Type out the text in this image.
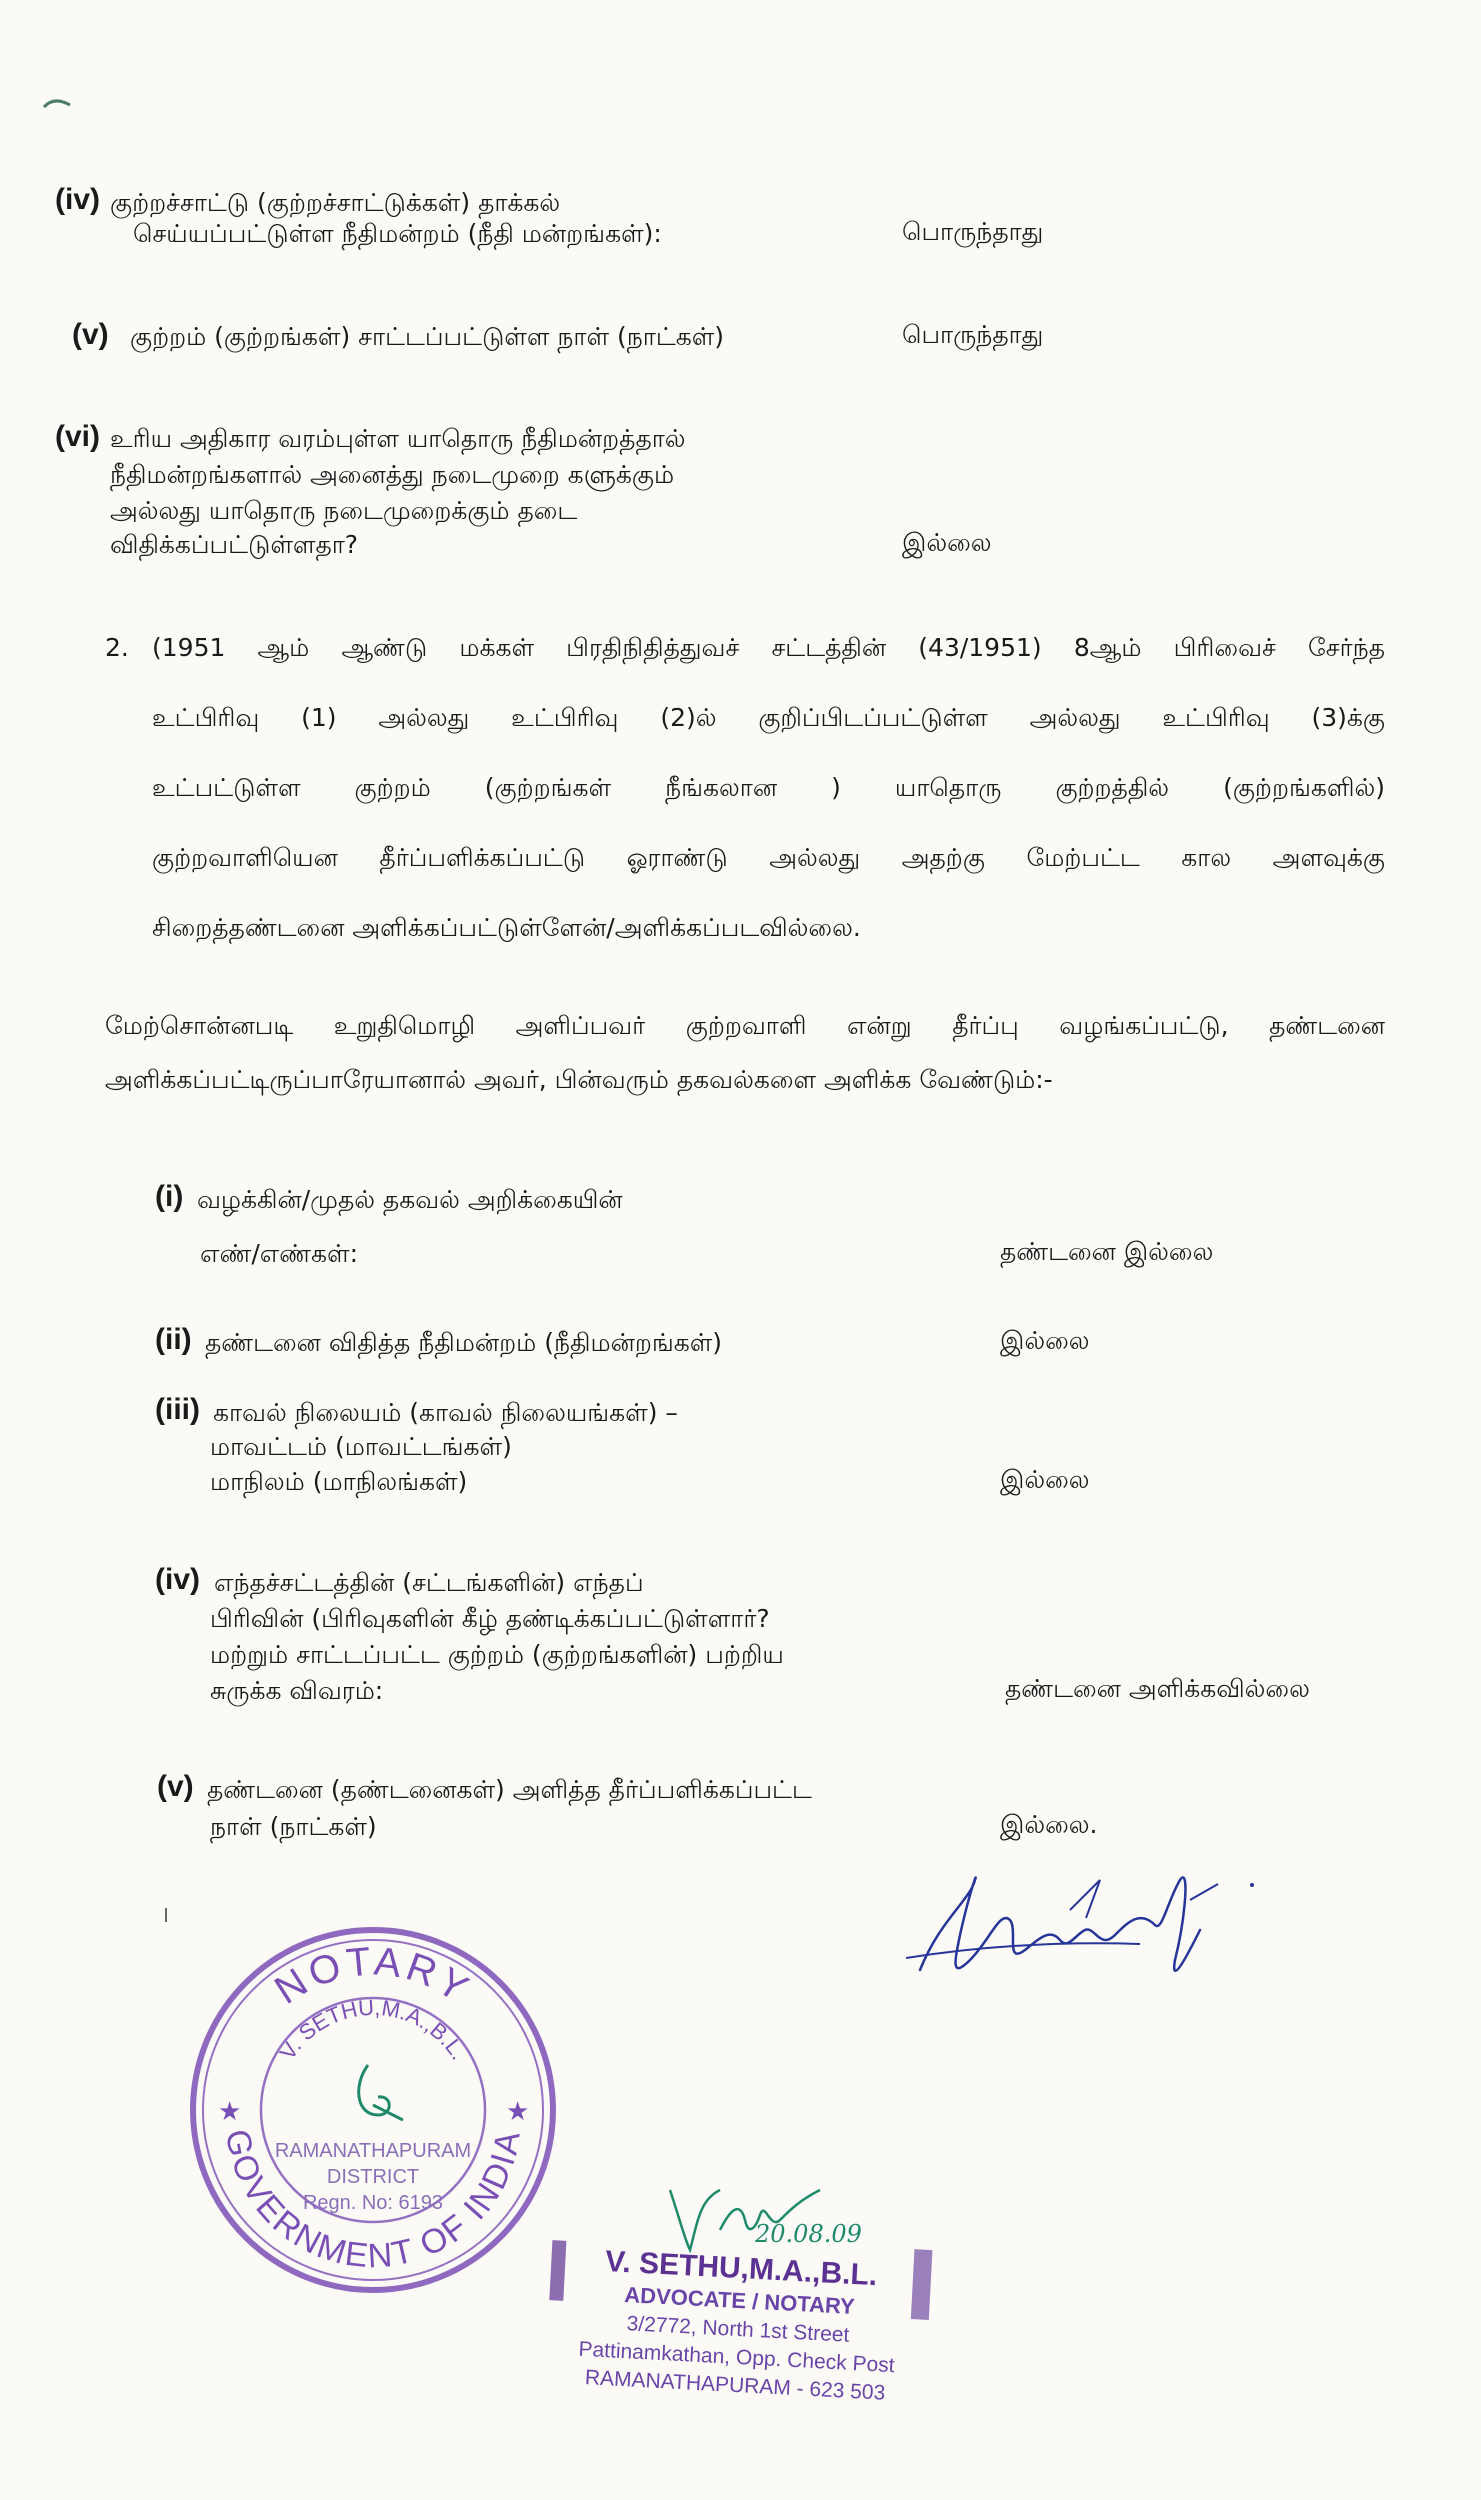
(iv) குற்றச்சாட்டு (குற்றச்சாட்டுக்கள்) தாக்கல்
செய்யப்பட்டுள்ள நீதிமன்றம் (நீதி மன்றங்கள்):	பொருந்தாது
(v) குற்றம் (குற்றங்கள்) சாட்டப்பட்டுள்ள நாள் (நாட்கள்)	பொருந்தாது
(vi) உரிய அதிகார வரம்புள்ள யாதொரு நீதிமன்றத்தால்
நீதிமன்றங்களால் அனைத்து நடைமுறை களுக்கும்
அல்லது யாதொரு நடைமுறைக்கும் தடை
விதிக்கப்பட்டுள்ளதா?	இல்லை
2. (1951 ஆம் ஆண்டு மக்கள் பிரதிநிதித்துவச் சட்டத்தின் (43/1951) 8ஆம் பிரிவைச் சேர்ந்த
உட்பிரிவு (1) அல்லது உட்பிரிவு (2)ல் குறிப்பிடப்பட்டுள்ள அல்லது உட்பிரிவு (3)க்கு
உட்பட்டுள்ள குற்றம் (குற்றங்கள் நீங்கலான ) யாதொரு குற்றத்தில் (குற்றங்களில்)
குற்றவாளியென தீர்ப்பளிக்கப்பட்டு ஓராண்டு அல்லது அதற்கு மேற்பட்ட கால அளவுக்கு
சிறைத்தண்டனை அளிக்கப்பட்டுள்ளேன்/அளிக்கப்படவில்லை.
மேற்சொன்னபடி உறுதிமொழி அளிப்பவர் குற்றவாளி என்று தீர்ப்பு வழங்கப்பட்டு, தண்டனை
அளிக்கப்பட்டிருப்பாரேயானால் அவர், பின்வரும் தகவல்களை அளிக்க வேண்டும்:-
(i) வழக்கின்/முதல் தகவல் அறிக்கையின்
எண்/எண்கள்:	தண்டனை இல்லை
(ii) தண்டனை விதித்த நீதிமன்றம் (நீதிமன்றங்கள்)	இல்லை
(iii) காவல் நிலையம் (காவல் நிலையங்கள்) –
மாவட்டம் (மாவட்டங்கள்)
மாநிலம் (மாநிலங்கள்)	இல்லை
(iv) எந்தச்சட்டத்தின் (சட்டங்களின்) எந்தப்
பிரிவின் (பிரிவுகளின் கீழ் தண்டிக்கப்பட்டுள்ளார்?
மற்றும் சாட்டப்பட்ட குற்றம் (குற்றங்களின்) பற்றிய
சுருக்க விவரம்:	தண்டனை அளிக்கவில்லை
(v) தண்டனை (தண்டனைகள்) அளித்த தீர்ப்பளிக்கப்பட்ட
நாள் (நாட்கள்)	இல்லை.
NOTARY
GOVERNMENT OF INDIA
V. SETHU,M.A.,B.L.
★	★
RAMANATHAPURAM
DISTRICT
Regn. No: 6193
20.08.09
V. SETHU,M.A.,B.L.
ADVOCATE / NOTARY
3/2772, North 1st Street
Pattinamkathan, Opp. Check Post
RAMANATHAPURAM - 623 503
